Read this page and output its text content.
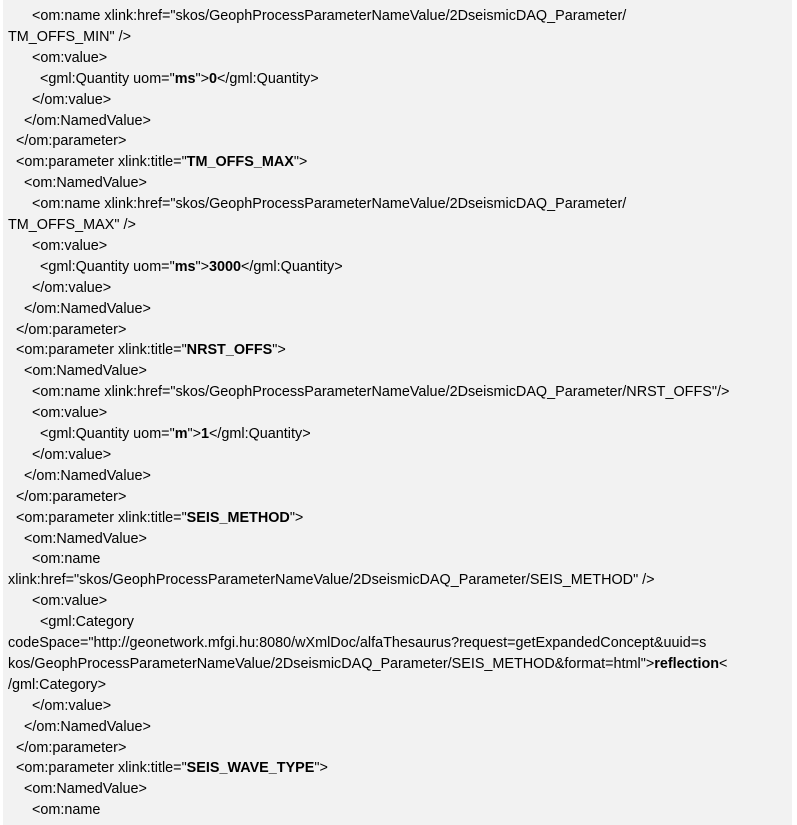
<om:name xlink:href="skos/GeophProcessParameterNameValue/2DseismicDAQ_Parameter/
TM_OFFS_MIN" />
<om:value>
<gml:Quantity uom="ms">0</gml:Quantity>
</om:value>
</om:NamedValue>
</om:parameter>
<om:parameter xlink:title="TM_OFFS_MAX">
<om:NamedValue>
<om:name xlink:href="skos/GeophProcessParameterNameValue/2DseismicDAQ_Parameter/
TM_OFFS_MAX" />
<om:value>
<gml:Quantity uom="ms">3000</gml:Quantity>
</om:value>
</om:NamedValue>
</om:parameter>
<om:parameter xlink:title="NRST_OFFS">
<om:NamedValue>
<om:name xlink:href="skos/GeophProcessParameterNameValue/2DseismicDAQ_Parameter/NRST_OFFS"/>
<om:value>
<gml:Quantity uom="m">1</gml:Quantity>
</om:value>
</om:NamedValue>
</om:parameter>
<om:parameter xlink:title="SEIS_METHOD">
<om:NamedValue>
<om:name
xlink:href="skos/GeophProcessParameterNameValue/2DseismicDAQ_Parameter/SEIS_METHOD" />
<om:value>
<gml:Category
codeSpace="http://geonetwork.mfgi.hu:8080/wXmlDoc/alfaThesaurus?request=getExpandedConcept&uuid=s
kos/GeophProcessParameterNameValue/2DseismicDAQ_Parameter/SEIS_METHOD&format=html">reflection<
/gml:Category>
</om:value>
</om:NamedValue>
</om:parameter>
<om:parameter xlink:title="SEIS_WAVE_TYPE">
<om:NamedValue>
<om:name
